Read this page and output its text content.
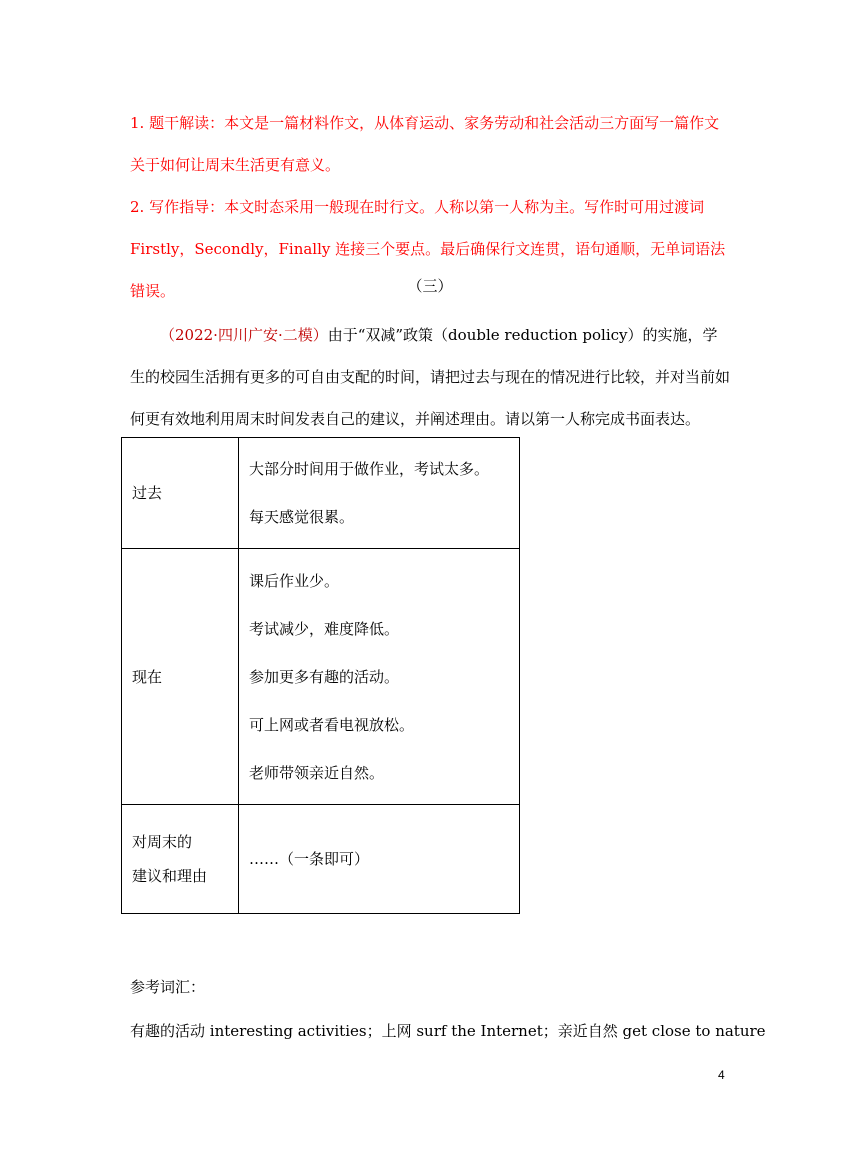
1. 题干解读：本文是一篇材料作文，从体育运动、家务劳动和社会活动三方面写一篇作文关于如何让周末生活更有意义。

2. 写作指导：本文时态采用一般现在时行文。人称以第一人称为主。写作时可用过渡词 Firstly，Secondly，Finally 连接三个要点。最后确保行文连贯，语句通顺，无单词语法错误。	（三）

（2022·四川广安·二模）由于“双减”政策（double reduction policy）的实施，学生的校园生活拥有更多的可自由支配的时间，请把过去与现在的情况进行比较，并对当前如何更有效地利用周末时间发表自己的建议，并阐述理由。请以第一人称完成书面表达。

过去	大部分时间用于做作业，考试太多。
每天感觉很累。

现在	课后作业少。
考试减少，难度降低。
参加更多有趣的活动。
可上网或者看电视放松。
老师带领亲近自然。

对周末的
建议和理由	……（一条即可）

参考词汇：

有趣的活动 interesting activities；上网 surf the Internet；亲近自然 get close to nature

4
